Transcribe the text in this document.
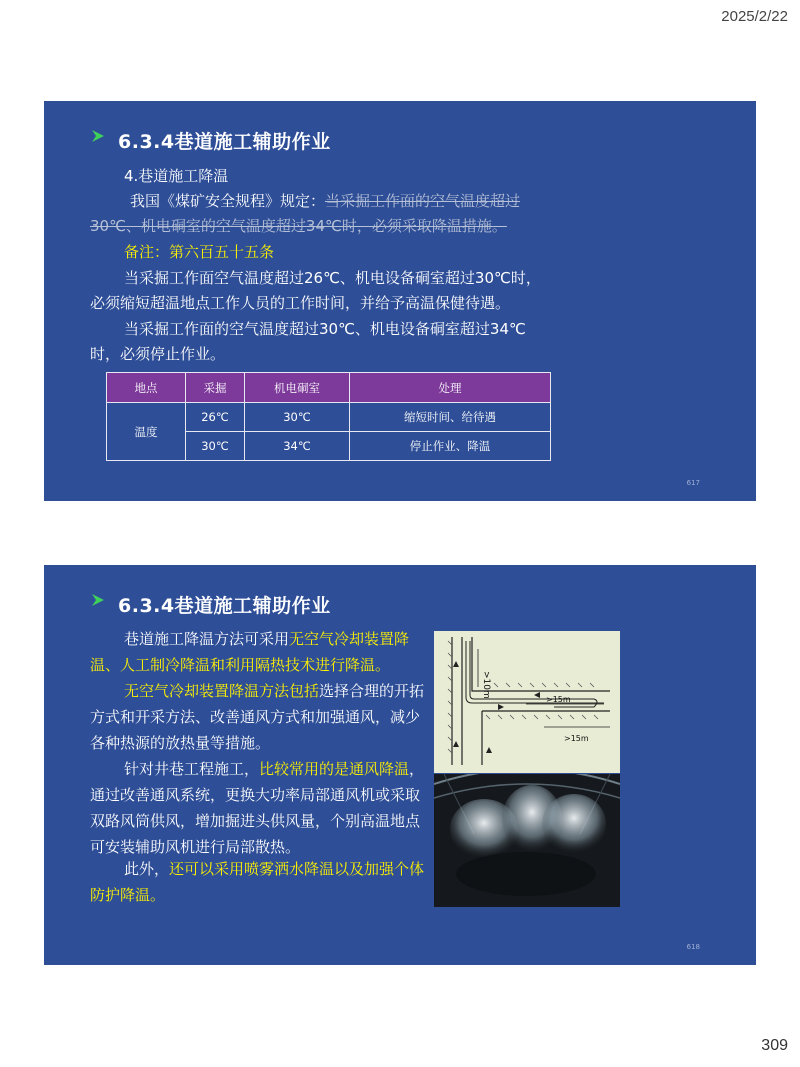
2025/2/22
6.3.4巷道施工辅助作业
4.巷道施工降温
我国《煤矿安全规程》规定：当采掘工作面的空气温度超过
30℃、机电硐室的空气温度超过34℃时，必须采取降温措施。
备注：第六百五十五条
当采掘工作面空气温度超过26℃、机电设备硐室超过30℃时，
必须缩短超温地点工作人员的工作时间，并给予高温保健待遇。
当采掘工作面的空气温度超过30℃、机电设备硐室超过34℃
时，必须停止作业。
地点	采掘	机电硐室	处理
温度	26℃	30℃	缩短时间、给待遇
	30℃	34℃	停止作业、降温
617
6.3.4巷道施工辅助作业
巷道施工降温方法可采用无空气冷却装置降温、人工制冷降温和利用隔热技术进行降温。
无空气冷却装置降温方法包括选择合理的开拓方式和开采方法、改善通风方式和加强通风，减少各种热源的放热量等措施。
针对井巷工程施工，比较常用的是通风降温，通过改善通风系统，更换大功率局部通风机或采取双路风筒供风，增加掘进头供风量，个别高温地点可安装辅助风机进行局部散热。
此外，还可以采用喷雾洒水降温以及加强个体防护降温。
>10m
>15m
>15m
618
309
